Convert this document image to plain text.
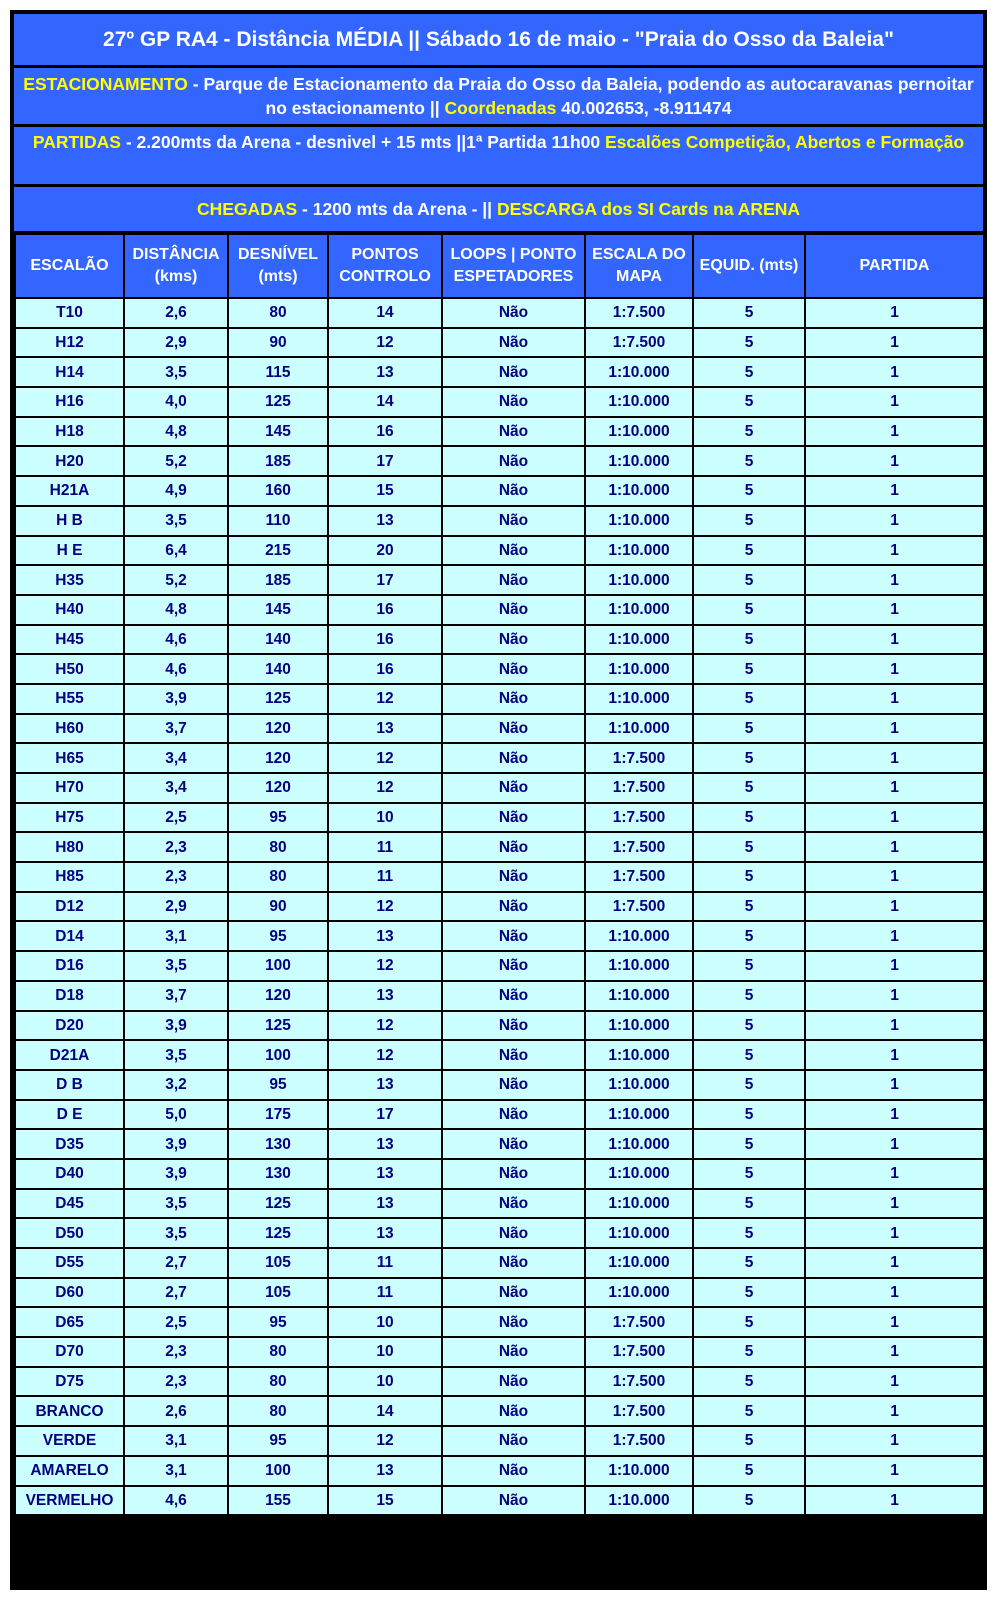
27º GP RA4 - Distância MÉDIA || Sábado 16 de maio - "Praia do Osso da Baleia"
ESTACIONAMENTO - Parque de Estacionamento da Praia do Osso da Baleia, podendo as autocaravanas pernoitar no estacionamento || Coordenadas 40.002653, -8.911474
PARTIDAS - 2.200mts da Arena - desnivel + 15 mts ||1ª Partida 11h00 Escalões Competição, Abertos e Formação
CHEGADAS - 1200 mts da Arena - || DESCARGA dos SI Cards na ARENA
ESCALÃO	DISTÂNCIA (kms)	DESNÍVEL (mts)	PONTOS CONTROLO	LOOPS | PONTO ESPETADORES	ESCALA DO MAPA	EQUID. (mts)	PARTIDA
T10	2,6	80	14	Não	1:7.500	5	1
H12	2,9	90	12	Não	1:7.500	5	1
H14	3,5	115	13	Não	1:10.000	5	1
H16	4,0	125	14	Não	1:10.000	5	1
H18	4,8	145	16	Não	1:10.000	5	1
H20	5,2	185	17	Não	1:10.000	5	1
H21A	4,9	160	15	Não	1:10.000	5	1
H B	3,5	110	13	Não	1:10.000	5	1
H E	6,4	215	20	Não	1:10.000	5	1
H35	5,2	185	17	Não	1:10.000	5	1
H40	4,8	145	16	Não	1:10.000	5	1
H45	4,6	140	16	Não	1:10.000	5	1
H50	4,6	140	16	Não	1:10.000	5	1
H55	3,9	125	12	Não	1:10.000	5	1
H60	3,7	120	13	Não	1:10.000	5	1
H65	3,4	120	12	Não	1:7.500	5	1
H70	3,4	120	12	Não	1:7.500	5	1
H75	2,5	95	10	Não	1:7.500	5	1
H80	2,3	80	11	Não	1:7.500	5	1
H85	2,3	80	11	Não	1:7.500	5	1
D12	2,9	90	12	Não	1:7.500	5	1
D14	3,1	95	13	Não	1:10.000	5	1
D16	3,5	100	12	Não	1:10.000	5	1
D18	3,7	120	13	Não	1:10.000	5	1
D20	3,9	125	12	Não	1:10.000	5	1
D21A	3,5	100	12	Não	1:10.000	5	1
D B	3,2	95	13	Não	1:10.000	5	1
D E	5,0	175	17	Não	1:10.000	5	1
D35	3,9	130	13	Não	1:10.000	5	1
D40	3,9	130	13	Não	1:10.000	5	1
D45	3,5	125	13	Não	1:10.000	5	1
D50	3,5	125	13	Não	1:10.000	5	1
D55	2,7	105	11	Não	1:10.000	5	1
D60	2,7	105	11	Não	1:10.000	5	1
D65	2,5	95	10	Não	1:7.500	5	1
D70	2,3	80	10	Não	1:7.500	5	1
D75	2,3	80	10	Não	1:7.500	5	1
BRANCO	2,6	80	14	Não	1:7.500	5	1
VERDE	3,1	95	12	Não	1:7.500	5	1
AMARELO	3,1	100	13	Não	1:10.000	5	1
VERMELHO	4,6	155	15	Não	1:10.000	5	1
